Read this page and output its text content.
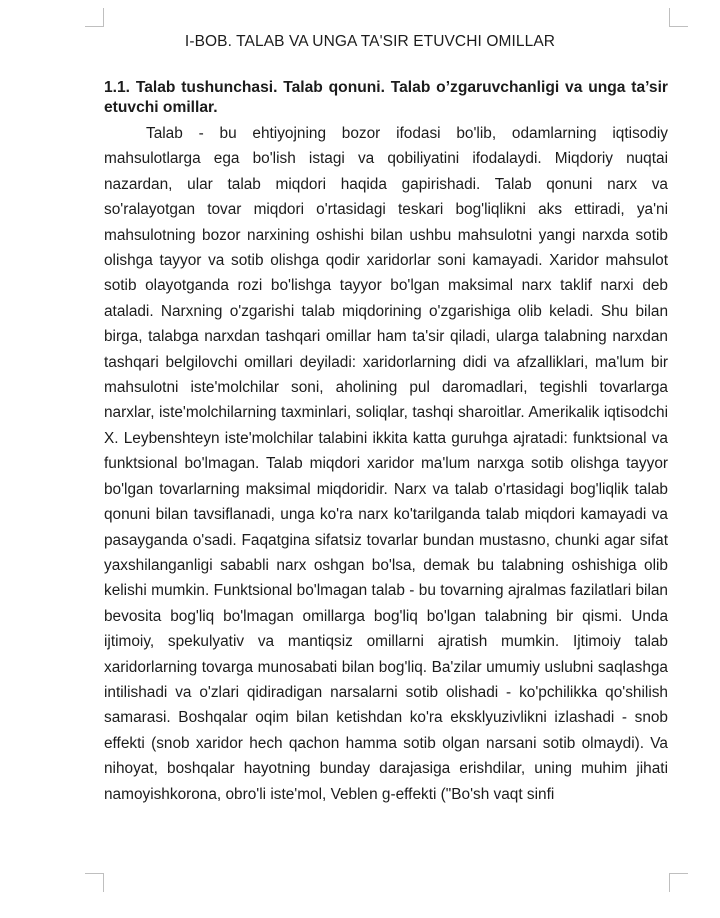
I-BOB. TALAB VA UNGA TA'SIR ETUVCHI OMILLAR
1.1. Talab tushunchasi. Talab qonuni. Talab o’zgaruvchanligi va unga ta’sir etuvchi omillar.

Talab - bu ehtiyojning bozor ifodasi bo'lib, odamlarning iqtisodiy mahsulotlarga ega bo'lish istagi va qobiliyatini ifodalaydi. Miqdoriy nuqtai nazardan, ular talab miqdori haqida gapirishadi. Talab qonuni narx va so'ralayotgan tovar miqdori o'rtasidagi teskari bog'liqlikni aks ettiradi, ya'ni mahsulotning bozor narxining oshishi bilan ushbu mahsulotni yangi narxda sotib olishga tayyor va sotib olishga qodir xaridorlar soni kamayadi. Xaridor mahsulot sotib olayotganda rozi bo'lishga tayyor bo'lgan maksimal narx taklif narxi deb ataladi. Narxning o'zgarishi talab miqdorining o'zgarishiga olib keladi. Shu bilan birga, talabga narxdan tashqari omillar ham ta'sir qiladi, ularga talabning narxdan tashqari belgilovchi omillari deyiladi: xaridorlarning didi va afzalliklari, ma'lum bir mahsulotni iste'molchilar soni, aholining pul daromadlari, tegishli tovarlarga narxlar, iste'molchilarning taxminlari, soliqlar, tashqi sharoitlar. Amerikalik iqtisodchi X. Leybenshteyn iste'molchilar talabini ikkita katta guruhga ajratadi: funktsional va funktsional bo'lmagan. Talab miqdori xaridor ma'lum narxga sotib olishga tayyor bo'lgan tovarlarning maksimal miqdoridir. Narx va talab o'rtasidagi bog'liqlik talab qonuni bilan tavsiflanadi, unga ko'ra narx ko'tarilganda talab miqdori kamayadi va pasayganda o'sadi. Faqatgina sifatsiz tovarlar bundan mustasno, chunki agar sifat yaxshilanganligi sababli narx oshgan bo'lsa, demak bu talabning oshishiga olib kelishi mumkin. Funktsional bo'lmagan talab - bu tovarning ajralmas fazilatlari bilan bevosita bog'liq bo'lmagan omillarga bog'liq bo'lgan talabning bir qismi. Unda ijtimoiy, spekulyativ va mantiqsiz omillarni ajratish mumkin. Ijtimoiy talab xaridorlarning tovarga munosabati bilan bog'liq. Ba'zilar umumiy uslubni saqlashga intilishadi va o'zlari qidiradigan narsalarni sotib olishadi - ko'pchilikka qo'shilish samarasi. Boshqalar oqim bilan ketishdan ko'ra eksklyuzivlikni izlashadi - snob effekti (snob xaridor hech qachon hamma sotib olgan narsani sotib olmaydi). Va nihoyat, boshqalar hayotning bunday darajasiga erishdilar, uning muhim jihati namoyishkorona, obro'li iste'mol, Veblen g-effekti ("Bo'sh vaqt sinfi
